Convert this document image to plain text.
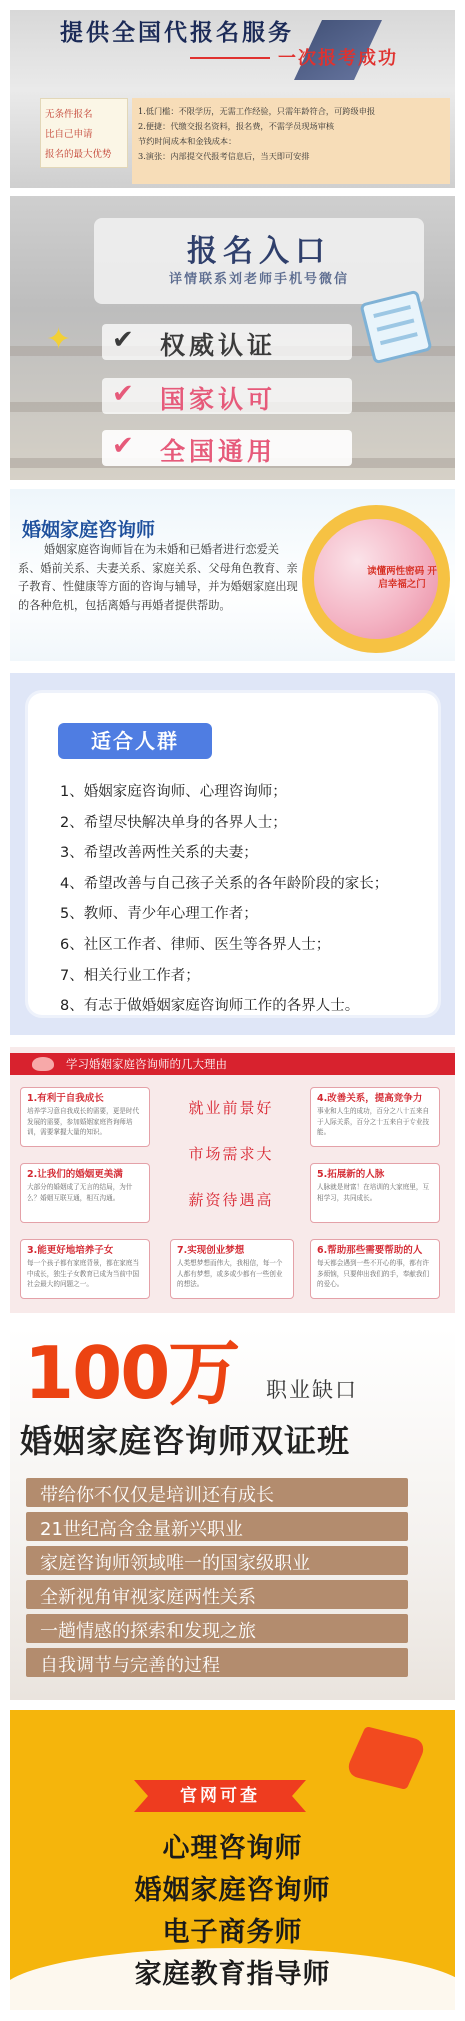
提供全国代报名服务
一次报考成功
无条件报名
比自己申请
报名的最大优势
1.低门槛：不限学历，无需工作经验，只需年龄符合，可跨级申报
2.便捷：代缴交报名资料，报名费，不需学员现场审核
节约时间成本和金钱成本：
3.演张：内部提交代报考信息后，当天即可安排
报名入口
详情联系刘老师手机号微信
✦ ✔ 权威认证
✔ 国家认可
✔ 全国通用
婚姻家庭咨询师
婚姻家庭咨询师旨在为未婚和已婚者进行恋爱关系、婚前关系、夫妻关系、家庭关系、父母角色教育、亲子教育、性健康等方面的咨询与辅导，并为婚姻家庭出现的各种危机，包括离婚与再婚者提供帮助。
读懂两性密码 开启幸福之门
适合人群
1、婚姻家庭咨询师、心理咨询师；
2、希望尽快解决单身的各界人士；
3、希望改善两性关系的夫妻；
4、希望改善与自己孩子关系的各年龄阶段的家长；
5、教师、青少年心理工作者；
6、社区工作者、律师、医生等各界人士；
7、相关行业工作者；
8、有志于做婚姻家庭咨询师工作的各界人士。
学习婚姻家庭咨询师的几大理由
1.有利于自我成长
培养学习意自我成长的需要，更是时代发展的需要，参加婚姻家庭咨询师培训，需要掌握大量的知识。
2.让我们的婚姻更美满
大部分的婚姻成了无言的结局，为什么？婚姻互联互通，相互沟通。
3.能更好地培养子女
每一个孩子都有家庭背景，都在家庭当中成长，独生子女教育已成为当前中国社会最大的问题之一。
就业前景好
市场需求大
薪资待遇高
7.实现创业梦想
人类想梦想而伟大，我相信，每一个人都有梦想，或多或少都有一些创业的想法。
4.改善关系，提高竞争力
事业和人生的成功，百分之八十五来自于人际关系，百分之十五来自于专业技能。
5.拓展新的人脉
人脉就是财富！在培训的大家庭里，互相学习，共同成长。
6.帮助那些需要帮助的人
每天都会遇到一些不开心的事，都有许多烦恼，只要伸出我们的手，奉献我们的爱心。
100万 职业缺口
婚姻家庭咨询师双证班
带给你不仅仅是培训还有成长
21世纪高含金量新兴职业
家庭咨询师领域唯一的国家级职业
全新视角审视家庭两性关系
一趟情感的探索和发现之旅
自我调节与完善的过程
官网可查
心理咨询师
婚姻家庭咨询师
电子商务师
家庭教育指导师
